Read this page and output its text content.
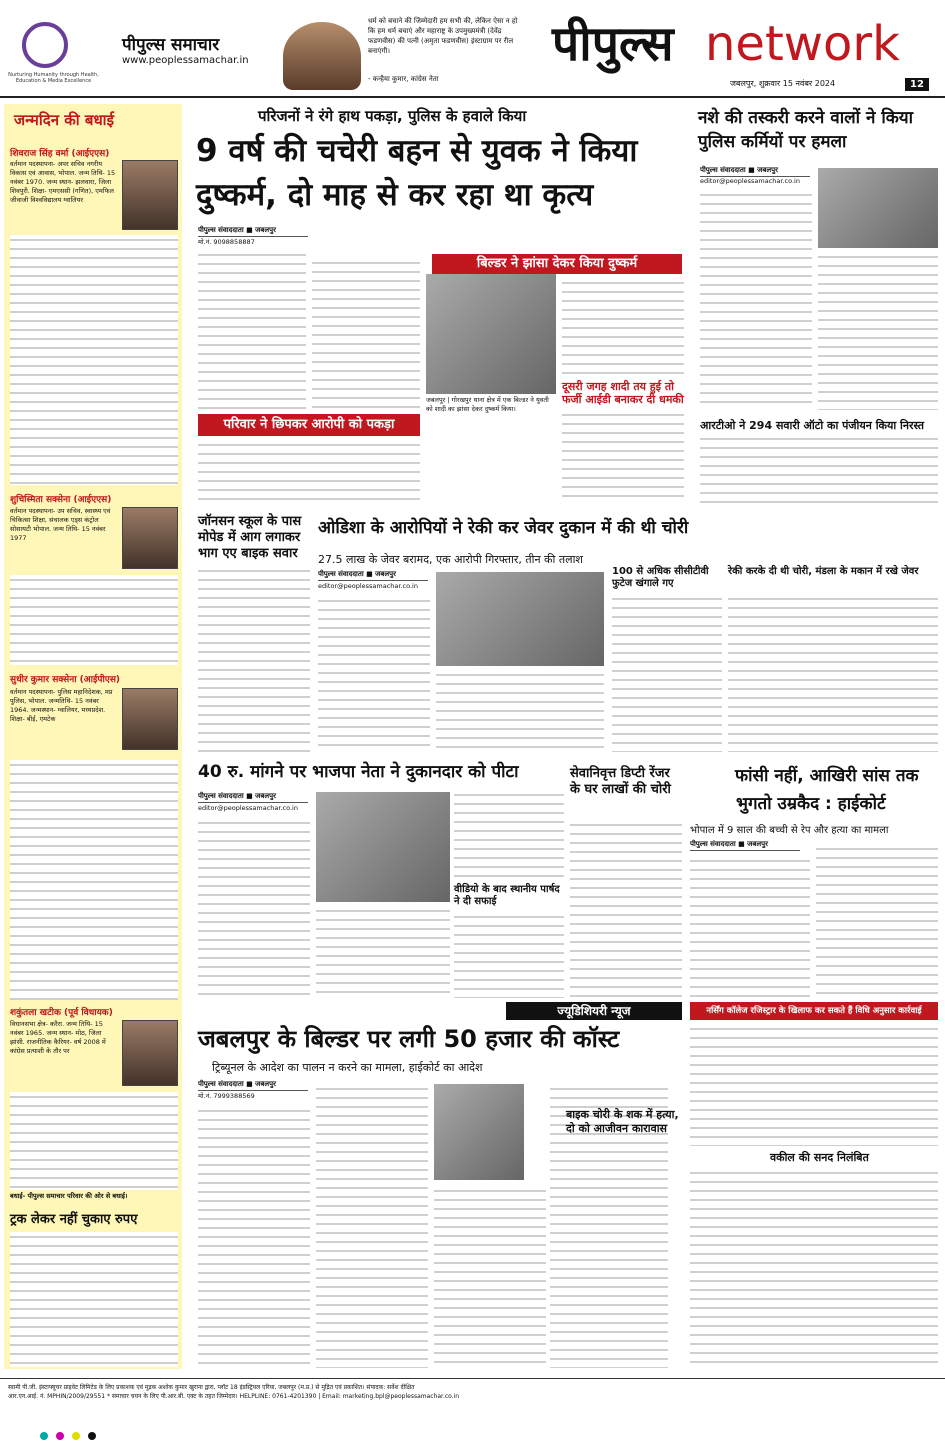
Nurturing Humanity through Health, Education & Media Excellence
पीपुल्स समाचार
www.peoplessamachar.in
धर्म को बचाने की जिम्मेदारी हम सभी की, लेकिन ऐसा न हो कि हम धर्म बचाएं और महाराष्ट्र के उपमुख्यमंत्री (देवेंद्र फडणवीस) की पत्नी (अमृता फडणवीस) इंस्टाग्राम पर रील बनाएंगी।
- कन्हैया कुमार, कांग्रेस नेता
पीपुल्स network
जबलपुर, शुक्रवार 15 नवंबर 2024	12
जन्मदिन की बधाई
शिवराज सिंह वर्मा (आईएएस)
वर्तमान पदस्थापना- अपर सचिव नगरीय विकास एवं आवास, भोपाल. जन्म तिथि- 15 नवंबर 1970. जन्म स्थान- झलवारा, जिला शिवपुरी. शिक्षा- एमएससी (गणित), एमफिल जीवाजी विश्वविद्यालय ग्वालियर
शुचिस्मिता सक्सेना (आईएएस)
वर्तमान पदस्थापना- उप सचिव, स्वास्थ्य एवं चिकित्सा शिक्षा, संचालक एड्स कंट्रोल सोसायटी भोपाल. जन्म तिथि- 15 नवंबर 1977
सुधीर कुमार सक्सेना (आईपीएस)
वर्तमान पदस्थापना- पुलिस महानिदेशक, मप्र पुलिस, भोपाल. जन्मतिथि- 15 नवंबर 1964. जन्मस्थान- ग्वालियर, मध्यप्रदेश. शिक्षा- बीई, एमटेक
शकुंतला खटीक (पूर्व विधायक)
विधानसभा क्षेत्र- करैरा. जन्म तिथि- 15 नवंबर 1965. जन्म स्थान- मोठ, जिला झांसी. राजनीतिक कैरियर- वर्ष 2008 में कांग्रेस प्रत्याशी के तौर पर
बधाई- पीपुल्स समाचार परिवार की ओर से बधाई।
ट्रक लेकर नहीं चुकाए रुपए
परिजनों ने रंगे हाथ पकड़ा, पुलिस के हवाले किया
9 वर्ष की चचेरी बहन से युवक ने किया
दुष्कर्म, दो माह से कर रहा था कृत्य
पीपुल्स संवाददाता ■ जबलपुर
मो.नं. 9098858887
बिल्डर ने झांसा देकर किया दुष्कर्म
जबलपुर | गोरखपुर थाना क्षेत्र में एक बिल्डर ने युवती को शादी का झांसा देकर दुष्कर्म किया।
दूसरी जगह शादी तय हुई तो फर्जी आईडी बनाकर दी धमकी
परिवार ने छिपकर आरोपी को पकड़ा
नशे की तस्करी करने वालों ने किया पुलिस कर्मियों पर हमला
पीपुल्स संवाददाता ■ जबलपुर
editor@peoplessamachar.co.in
आरटीओ ने 294 सवारी ऑटो का पंजीयन किया निरस्त
जॉनसन स्कूल के पास मोपेड में आग लगाकर भाग एए बाइक सवार
ओडिशा के आरोपियों ने रेकी कर जेवर दुकान में की थी चोरी
27.5 लाख के जेवर बरामद, एक आरोपी गिरफ्तार, तीन की तलाश
पीपुल्स संवाददाता ■ जबलपुर
editor@peoplessamachar.co.in
100 से अधिक सीसीटीवी फुटेज खंगाले गए
रेकी करके दी थी चोरी, मंडला के मकान में रखे जेवर
40 रु. मांगने पर भाजपा नेता ने दुकानदार को पीटा
पीपुल्स संवाददाता ■ जबलपुर
editor@peoplessamachar.co.in
वीडियो के बाद स्थानीय पार्षद ने दी सफाई
सेवानिवृत्त डिप्टी रेंजर के घर लाखों की चोरी
फांसी नहीं, आखिरी सांस तक
भुगतो उम्रकैद : हाईकोर्ट
भोपाल में 9 साल की बच्ची से रेप और हत्या का मामला
पीपुल्स संवाददाता ■ जबलपुर
ज्यूडिशियरी न्यूज
जबलपुर के बिल्डर पर लगी 50 हजार की कॉस्ट
ट्रिब्यूनल के आदेश का पालन न करने का मामला, हाईकोर्ट का आदेश
पीपुल्स संवाददाता ■ जबलपुर
मो.नं. 7999388569
बाइक चोरी के शक में हत्या, दो को आजीवन कारावास
नर्सिंग कॉलेज रजिस्ट्रार के खिलाफ कर सकते हैं विधि अनुसार कार्रवाई
वकील की सनद निलंबित
स्वामी पी.जी. इंस्टाफ्यूचर प्राइवेट लिमिटेड के लिए प्रकाशक एवं मुद्रक अशोक कुमार खुराना द्वारा, प्लॉट 18 इंडस्ट्रियल एरिया, जबलपुर (म.प्र.) से मुद्रित एवं प्रकाशित। संपादक: सर्वेश दीक्षित
आर.एन.आई. नं. MPHIN/2009/29551 * समाचार चयन के लिए पी.आर.बी. एक्ट के तहत जिम्मेदार। HELPLINE: 0761-4201390 | Email: marketing.bpl@peoplessamachar.co.in
